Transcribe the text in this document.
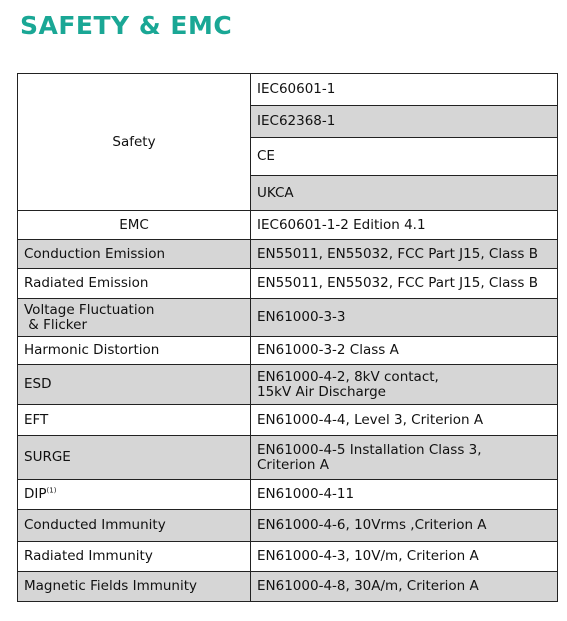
SAFETY & EMC
Safety	IEC60601-1
	IEC62368-1
	CE
	UKCA
EMC	IEC60601-1-2 Edition 4.1
Conduction Emission	EN55011, EN55032, FCC Part J15, Class B
Radiated Emission	EN55011, EN55032, FCC Part J15, Class B

Voltage Fluctuation
& Flicker	EN61000-3-3
Harmonic Distortion	EN61000-3-2 Class A
ESD	EN61000-4-2, 8kV contact,
15kV Air Discharge

EFT	EN61000-4-4, Level 3, Criterion A
SURGE	EN61000-4-5 Installation Class 3,
Criterion A

DIP$^{(1)}$	EN61000-4-11
Conducted Immunity	EN61000-4-6, 10Vrms ,Criterion A
Radiated Immunity	EN61000-4-3, 10V/m, Criterion A
Magnetic Fields Immunity	EN61000-4-8, 30A/m, Criterion A
